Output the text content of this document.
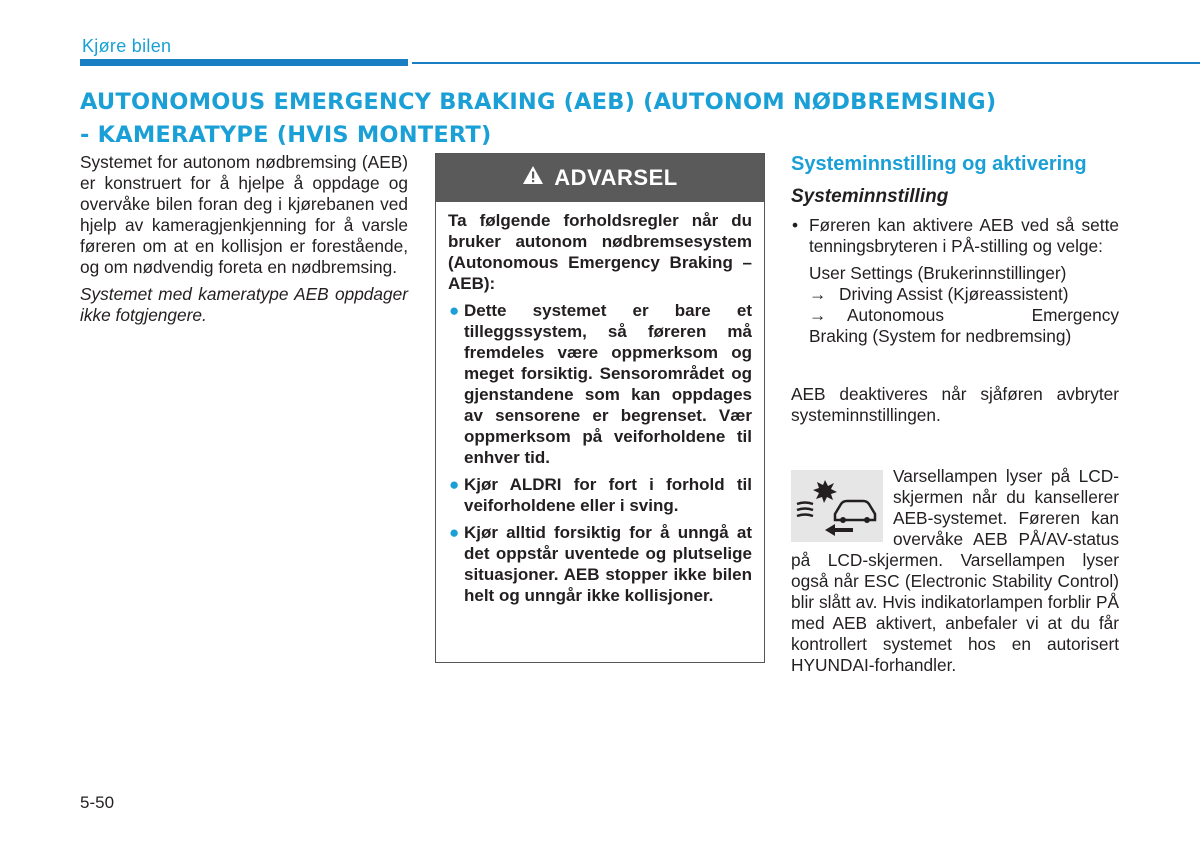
Kjøre bilen
AUTONOMOUS EMERGENCY BRAKING (AEB) (AUTONOM NØDBREMSING)
- KAMERATYPE (HVIS MONTERT)

Systemet for autonom nødbremsing (AEB) er konstruert for å hjelpe å oppdage og overvåke bilen foran deg i kjørebanen ved hjelp av kameragjenkjenning for å varsle føreren om at en kollisjon er forestående, og om nødvendig foreta en nødbremsing.

Systemet med kameratype AEB oppdager ikke fotgjengere.

ADVARSEL

Ta følgende forholdsregler når du bruker autonom nødbremsesystem (Autonomous Emergency Braking – AEB):

● Dette systemet er bare et tilleggssystem, så føreren må fremdeles være oppmerksom og meget forsiktig. Sensorområdet og gjenstandene som kan oppdages av sensorene er begrenset. Vær oppmerksom på veiforholdene til enhver tid.
● Kjør ALDRI for fort i forhold til veiforholdene eller i sving.
● Kjør alltid forsiktig for å unngå at det oppstår uventede og plutselige situasjoner. AEB stopper ikke bilen helt og unngår ikke kollisjoner.
Systeminnstilling og aktivering
Systeminnstilling
• Føreren kan aktivere AEB ved så sette tenningsbryteren i PÅ-stilling og velge:
User Settings (Brukerinnstillinger)
→ Driving Assist (Kjøreassistent)
→	Autonomous Emergency
Braking (System for nedbremsing)
AEB deaktiveres når sjåføren avbryter systeminnstillingen.
Varsellampen lyser på LCD-skjermen når du kansellerer AEB-systemet. Føreren kan overvåke AEB PÅ/AV-status på LCD-skjermen. Varsellampen lyser også når ESC (Electronic Stability Control) blir slått av. Hvis indikatorlampen forblir PÅ med AEB aktivert, anbefaler vi at du får kontrollert systemet hos en autorisert HYUNDAI-forhandler.
5-50
